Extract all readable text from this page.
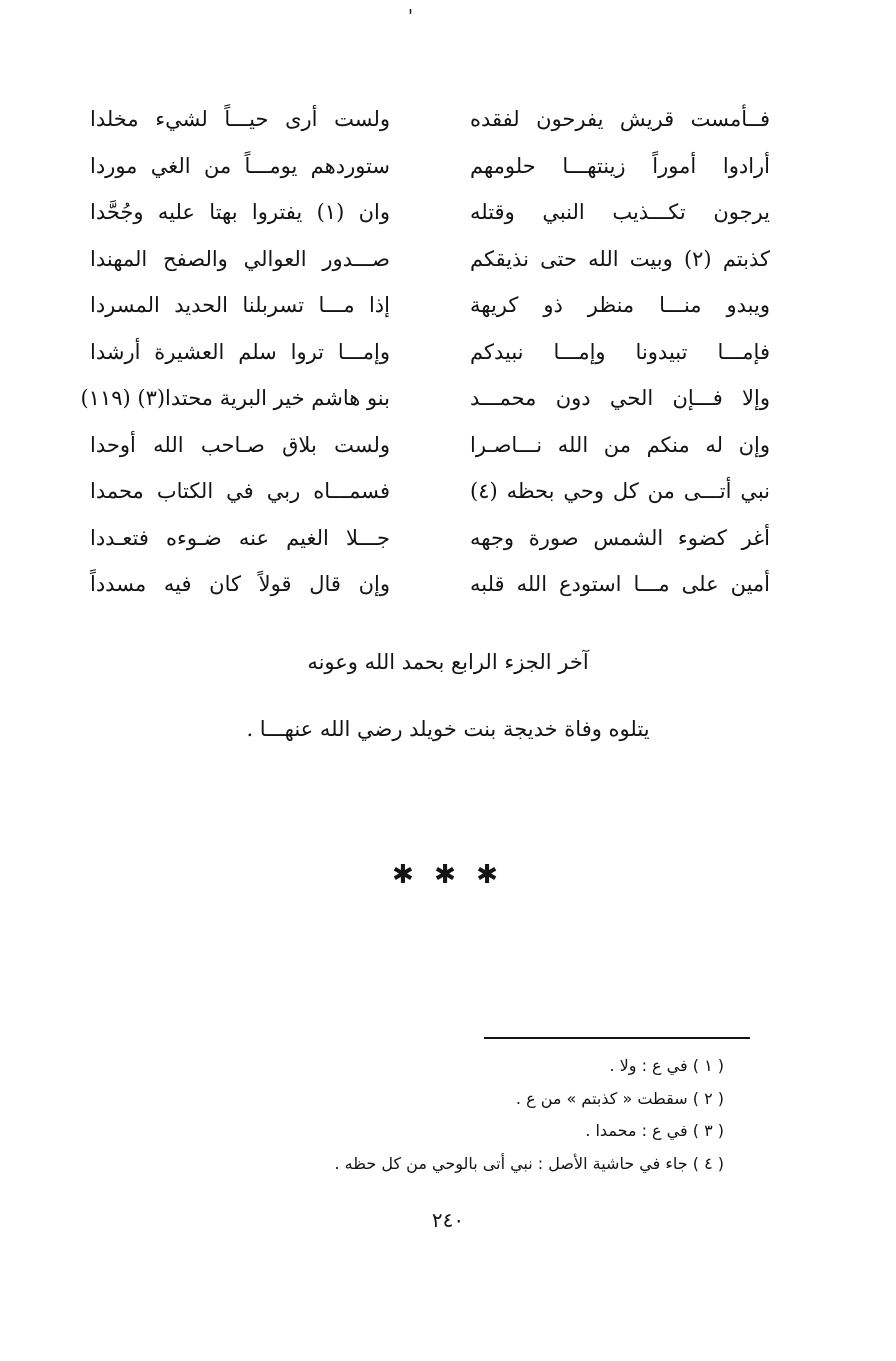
'
فــأمست قريش يفرحون لفقده
أرادوا أموراً زينتهـــا حلومهم
يرجون تكـــذيب النبي وقتله
كذبتم (٢) وبيت الله حتى نذيقكم
ويبدو منـــا منظر ذو كريهة
فإمـــا تبيدونا وإمـــا نبيدكم
وإلا فـــإن الحي دون محمـــد
وإن له منكم من الله نـــاصـرا
نبي أتـــى من كل وحي بحظه (٤)
أغر كضوء الشمس صورة وجهه
أمين على مـــا استودع الله قلبه
ولست أرى حيـــاً لشيء مخلدا
ستوردهم يومـــاً من الغي موردا
وان (١) يفتروا بهتا عليه وجُحَّدا
صـــدور العوالي والصفح المهندا
إذا مـــا تسربلنا الحديد المسردا
وإمـــا تروا سلم العشيرة أرشدا
بنو هاشم خير البرية محتدا(٣) (١١٩)
ولست بلاق صـاحب الله أوحدا
فسمـــاه ربي في الكتاب محمدا
جـــلا الغيم عنه ضـوءه فتعـددا
وإن قال قولاً كان فيه مسدداً
آخر الجزء الرابع بحمد الله وعونه
يتلوه وفاة خديجة بنت خويلد رضي الله عنهـــا .
✱ ✱ ✱
( ١ ) في ع : ولا .
( ٢ ) سقطت « كذبتم » من ع .
( ٣ ) في ع : محمدا .
( ٤ ) جاء في حاشية الأصل : نبي أتى بالوحي من كل حظه .
٢٤٠
